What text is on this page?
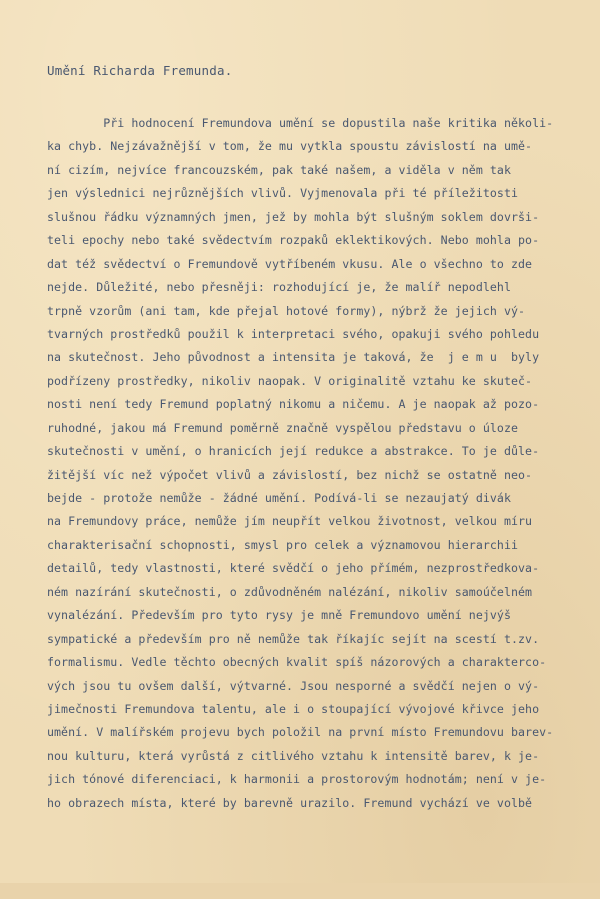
Umění Richarda Fremunda.
Při hodnocení Fremundova umění se dopustila naše kritika několi-
ka chyb. Nejzávažnější v tom, že mu vytkla spoustu závislostí na umě-
ní cizím, nejvíce francouzském, pak také našem, a viděla v něm tak
jen výslednici nejrůznějších vlivů. Vyjmenovala při té příležitosti
slušnou řádku významných jmen, jež by mohla být slušným soklem dovrši-
teli epochy nebo také svědectvím rozpaků eklektikových. Nebo mohla po-
dat též svědectví o Fremundově vytříbeném vkusu. Ale o všechno to zde
nejde. Důležité, nebo přesněji: rozhodující je, že malíř nepodlehl
trpně vzorům (ani tam, kde přejal hotové formy), nýbrž že jejich vý-
tvarných prostředků použil k interpretaci svého, opakuji svého pohledu
na skutečnost. Jeho původnost a intensita je taková, že  j e m u  byly
podřízeny prostředky, nikoliv naopak. V originalitě vztahu ke skuteč-
nosti není tedy Fremund poplatný nikomu a ničemu. A je naopak až pozo-
ruhodné, jakou má Fremund poměrně značně vyspělou představu o úloze
skutečnosti v umění, o hranicích její redukce a abstrakce. To je důle-
žitější víc než výpočet vlivů a závislostí, bez nichž se ostatně neo-
bejde - protože nemůže - žádné umění. Podívá-li se nezaujatý divák
na Fremundovy práce, nemůže jím neupřít velkou životnost, velkou míru
charakterisační schopnosti, smysl pro celek a významovou hierarchii
detailů, tedy vlastnosti, které svědčí o jeho přímém, nezprostředkova-
ném nazírání skutečnosti, o zdůvodněném nalézání, nikoliv samoúčelném
vynalézání. Především pro tyto rysy je mně Fremundovo umění nejvýš
sympatické a především pro ně nemůže tak říkajíc sejít na scestí t.zv.
formalismu. Vedle těchto obecných kvalit spíš názorových a charakterco-
vých jsou tu ovšem další, výtvarné. Jsou nesporné a svědčí nejen o vý-
jimečnosti Fremundova talentu, ale i o stoupající vývojové křivce jeho
umění. V malířském projevu bych položil na první místo Fremundovu barev-
nou kulturu, která vyrůstá z citlivého vztahu k intensitě barev, k je-
jich tónové diferenciaci, k harmonii a prostorovým hodnotám; není v je-
ho obrazech místa, které by barevně urazilo. Fremund vychází ve volbě
